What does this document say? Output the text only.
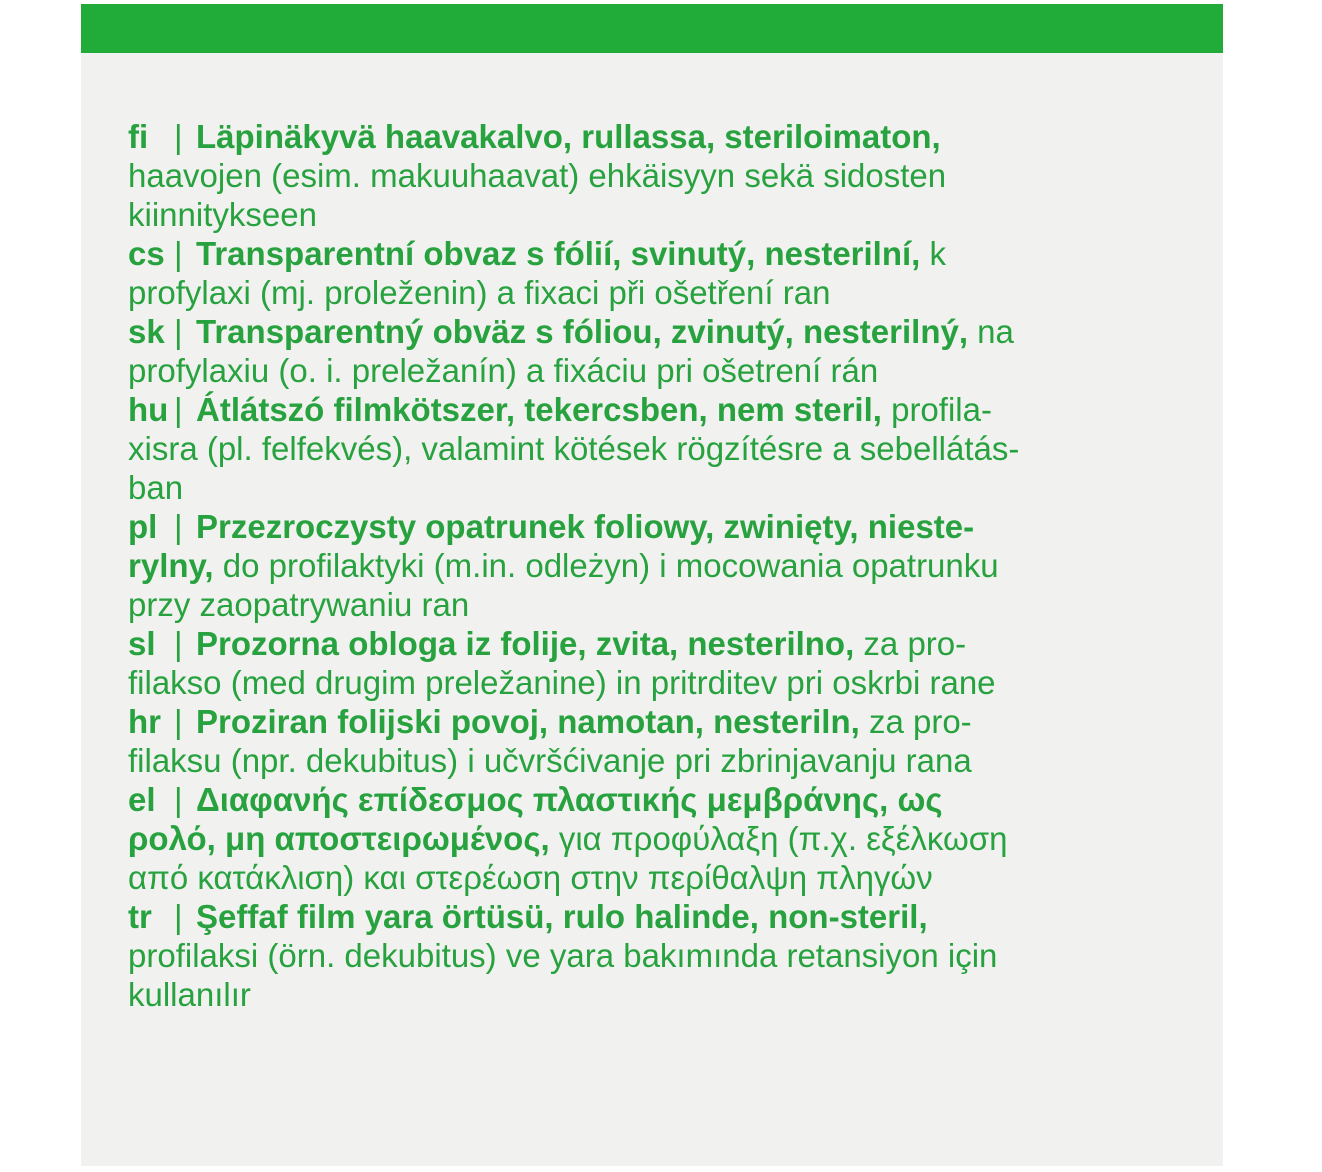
fi | Läpinäkyvä haavakalvo, rullassa, steriloimaton,
haavojen (esim. makuuhaavat) ehkäisyyn sekä sidosten
kiinnitykseen
cs | Transparentní obvaz s fólií, svinutý, nesterilní, k
profylaxi (mj. proleženin) a fixaci při ošetření ran
sk | Transparentný obväz s fóliou, zvinutý, nesterilný, na
profylaxiu (o. i. preležanín) a fixáciu pri ošetrení rán
hu | Átlátszó filmkötszer, tekercsben, nem steril, profila-
xisra (pl. felfekvés), valamint kötések rögzítésre a sebellátás-
ban
pl | Przezroczysty opatrunek foliowy, zwinięty, nieste-
rylny, do profilaktyki (m.in. odleżyn) i mocowania opatrunku
przy zaopatrywaniu ran
sl | Prozorna obloga iz folije, zvita, nesterilno, za pro-
filakso (med drugim preležanine) in pritrditev pri oskrbi rane
hr | Proziran folijski povoj, namotan, nesteriln, za pro-
filaksu (npr. dekubitus) i učvršćivanje pri zbrinjavanju rana
el | Διαφανής επίδεσμος πλαστικής μεμβράνης, ως
ρολό, μη αποστειρωμένος, για προφύλαξη (π.χ. εξέλκωση
από κατάκλιση) και στερέωση στην περίθαλψη πληγών
tr | Şeffaf film yara örtüsü, rulo halinde, non-steril,
profilaksi (örn. dekubitus) ve yara bakımında retansiyon için
kullanılır
